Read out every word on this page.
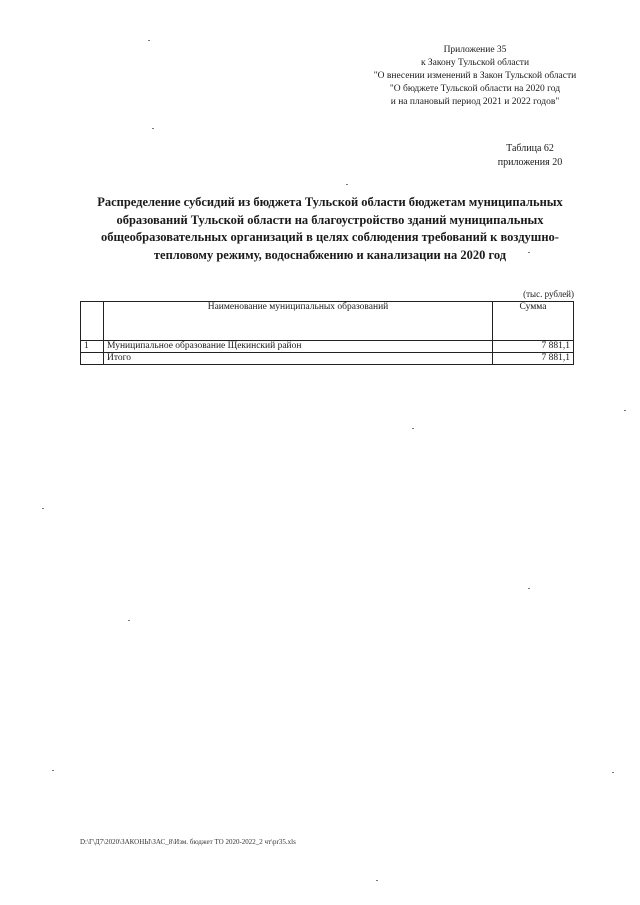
Приложение 35
к Закону Тульской области
"О внесении изменений в Закон Тульской области
"О бюджете Тульской области на 2020 год
и на плановый период 2021 и 2022 годов"
Таблица 62
приложения 20
Распределение субсидий из бюджета Тульской области бюджетам муниципальных
образований Тульской области на благоустройство зданий муниципальных
общеобразовательных организаций в целях соблюдения требований к воздушно-
тепловому режиму, водоснабжению и канализации на 2020 год
(тыс. рублей)
	Наименование муниципальных образований	Сумма
1	Муниципальное образование Щекинский район	7 881,1
	Итого	7 881,1
D:\Г\Д7\2020\ЗАКОНЫ\ЗАС_8\Изм. бюджет ТО 2020-2022_2 чт\pr35.xls
